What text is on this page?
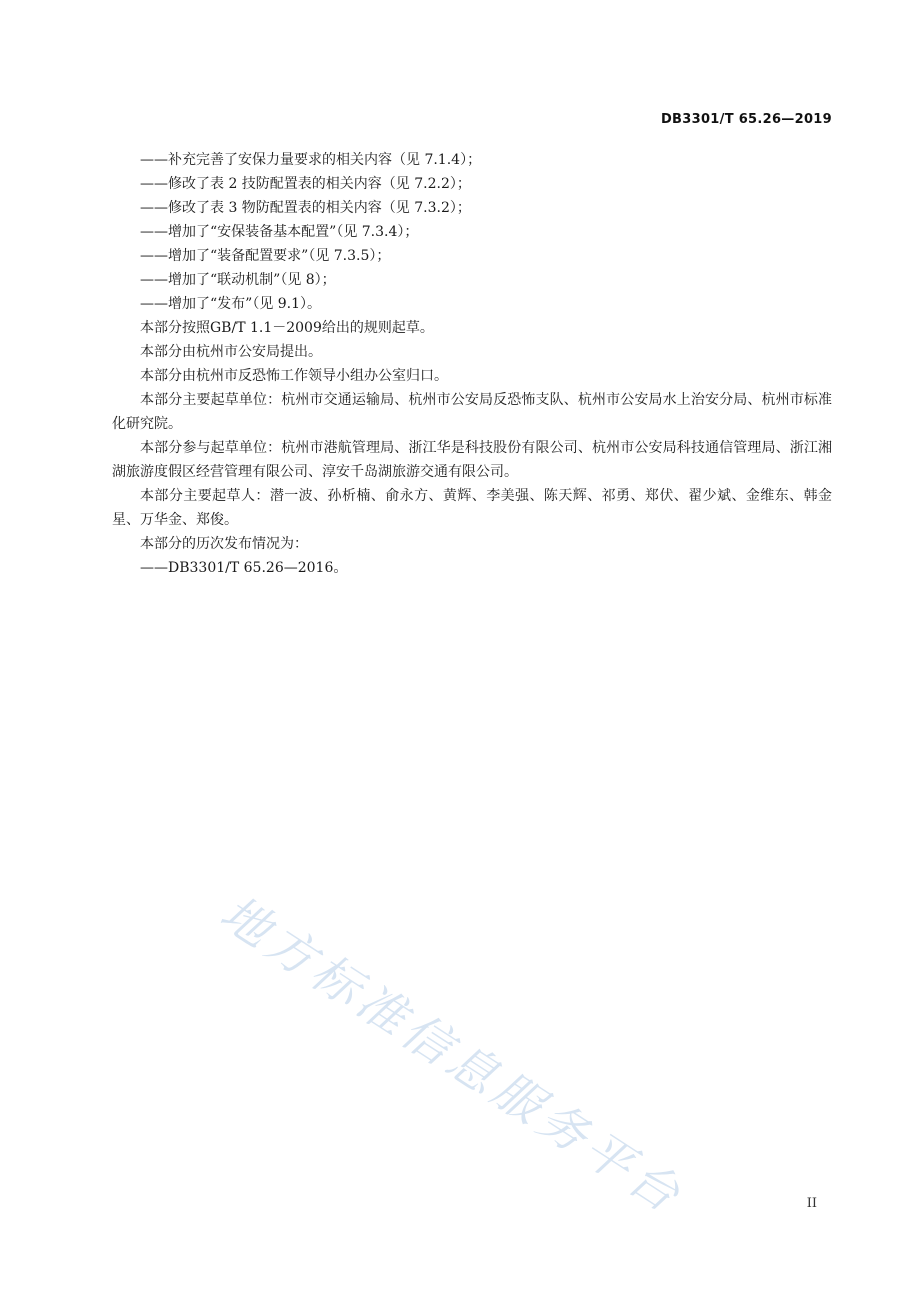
DB3301/T 65.26—2019

——补充完善了安保力量要求的相关内容（见 7.1.4）；

——修改了表 2 技防配置表的相关内容（见 7.2.2）；

——修改了表 3 物防配置表的相关内容（见 7.3.2）；

——增加了“安保装备基本配置”（见 7.3.4）；

——增加了“装备配置要求”（见 7.3.5）；

——增加了“联动机制”（见 8）；

——增加了“发布”（见 9.1）。

本部分按照GB/T 1.1－2009给出的规则起草。

本部分由杭州市公安局提出。

本部分由杭州市反恐怖工作领导小组办公室归口。

本部分主要起草单位：杭州市交通运输局、杭州市公安局反恐怖支队、杭州市公安局水上治安分局、杭州市标准化研究院。

本部分参与起草单位：杭州市港航管理局、浙江华是科技股份有限公司、杭州市公安局科技通信管理局、浙江湘湖旅游度假区经营管理有限公司、淳安千岛湖旅游交通有限公司。

本部分主要起草人：潜一波、孙析楠、俞永方、黄辉、李美强、陈天辉、祁勇、郑伏、翟少斌、金维东、韩金星、万华金、郑俊。

本部分的历次发布情况为：

——DB3301/T 65.26—2016。

地方标准信息服务平台	II
